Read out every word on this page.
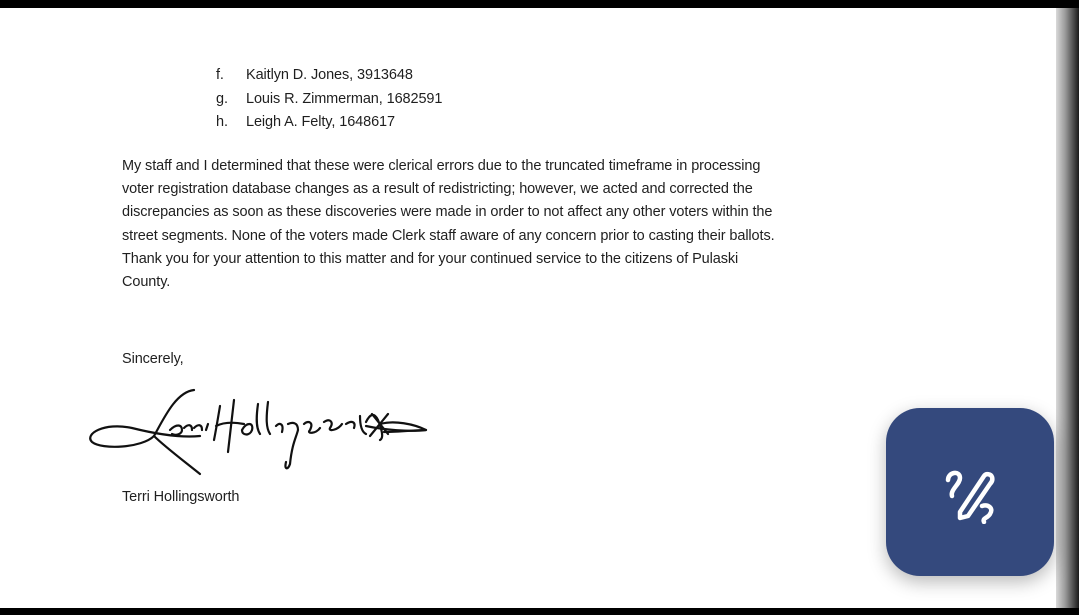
f.	Kaitlyn D. Jones, 3913648
g.	Louis R. Zimmerman, 1682591
h.	Leigh A. Felty, 1648617
My staff and I determined that these were clerical errors due to the truncated timeframe in processing
voter registration database changes as a result of redistricting; however, we acted and corrected the
discrepancies as soon as these discoveries were made in order to not affect any other voters within the
street segments. None of the voters made Clerk staff aware of any concern prior to casting their ballots.
Thank you for your attention to this matter and for your continued service to the citizens of Pulaski
County.
Sincerely,
Terri Hollingsworth
